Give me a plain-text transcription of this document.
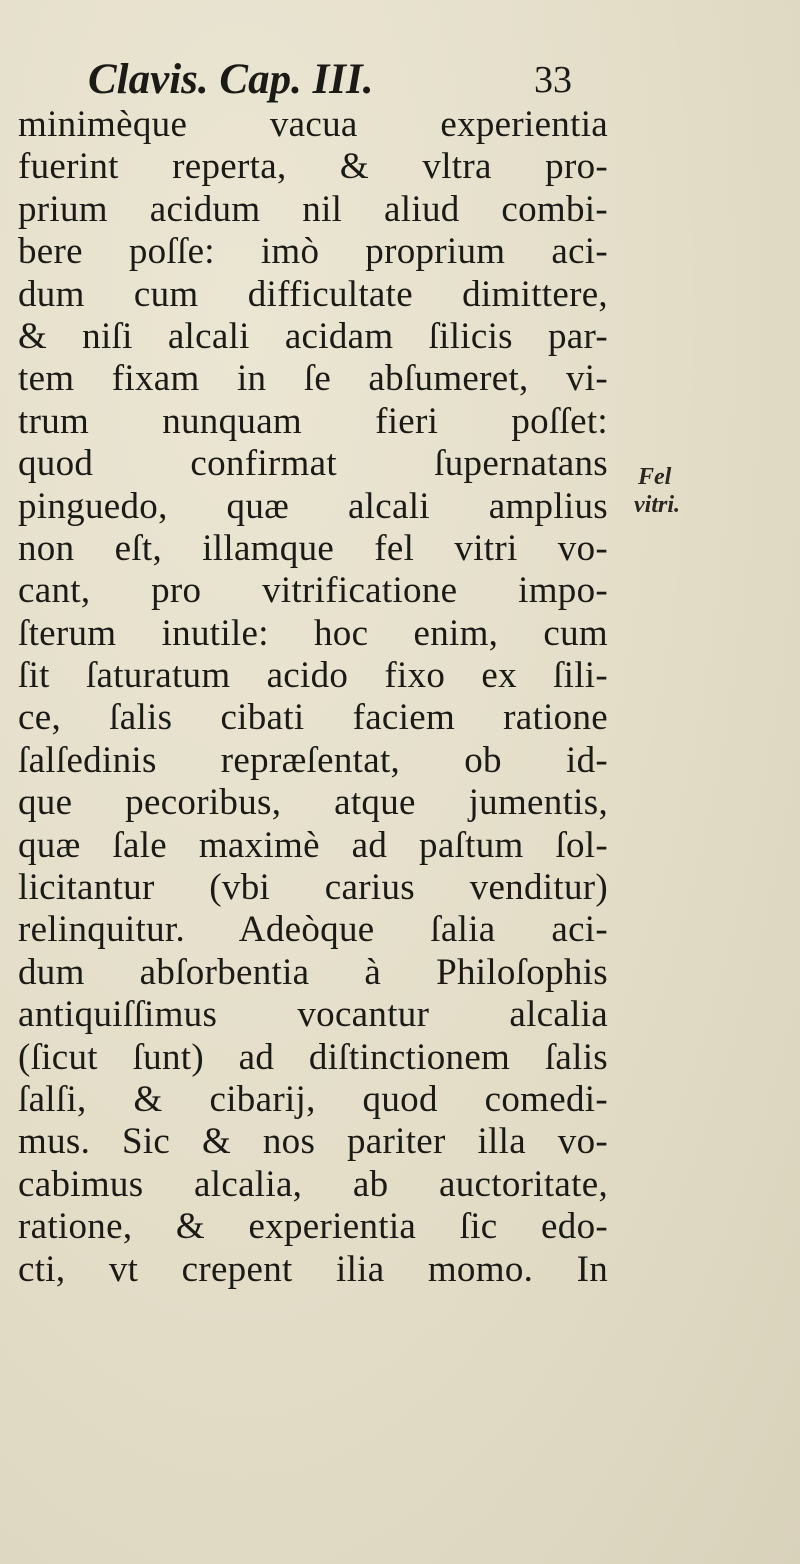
Clavis. Cap. III.	33
minimèque vacua experientia
fuerint reperta, & vltra pro-
prium acidum nil aliud combi-
bere poſſe: imò proprium aci-
dum cum difficultate dimittere,
& niſi alcali acidam ſilicis par-
tem fixam in ſe abſumeret, vi-
trum nunquam fieri poſſet:
quod confirmat ſupernatans
pinguedo, quæ alcali amplius
non eſt, illamque fel vitri vo-
cant, pro vitrificatione impo-
ſterum inutile: hoc enim, cum
ſit ſaturatum acido fixo ex ſili-
ce, ſalis cibati faciem ratione
ſalſedinis repræſentat, ob id-
que pecoribus, atque jumentis,
quæ ſale maximè ad paſtum ſol-
licitantur (vbi carius venditur)
relinquitur. Adeòque ſalia aci-
dum abſorbentia à Philoſophis
antiquiſſimus vocantur alcalia
(ſicut ſunt) ad diſtinctionem ſalis
ſalſi, & cibarij, quod comedi-
mus. Sic & nos pariter illa vo-
cabimus alcalia, ab auctoritate,
ratione, & experientia ſic edo-
cti, vt crepent ilia momo. In
Fel
vitri.
